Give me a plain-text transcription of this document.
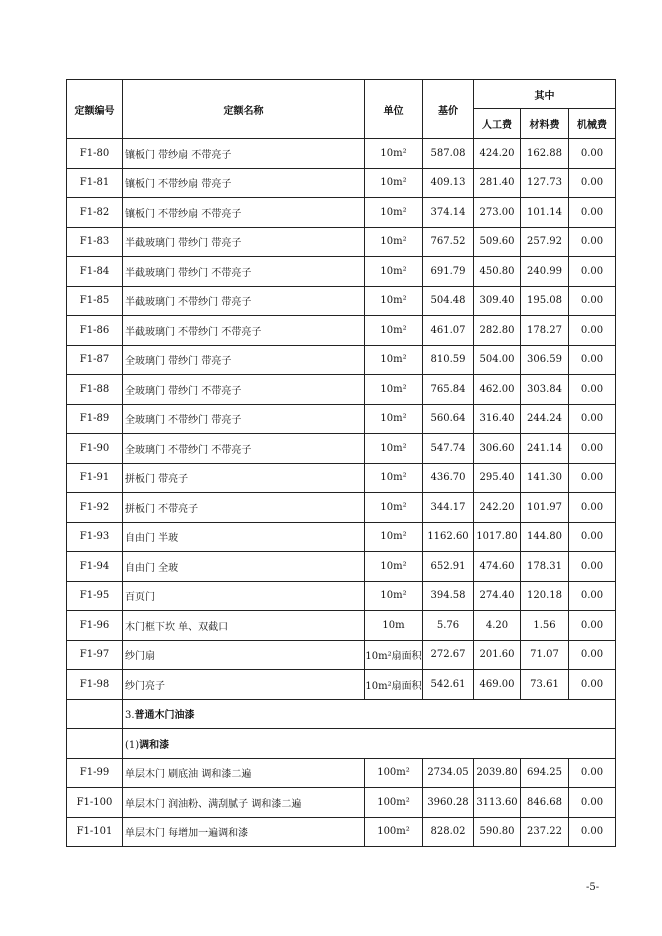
定额编号	定额名称	单位	基价	其中		
				人工费	材料费	机械费
F1-80	镶板门 带纱扇 不带亮子	10m²	587.08	424.20	162.88	0.00
F1-81	镶板门 不带纱扇 带亮子	10m²	409.13	281.40	127.73	0.00
F1-82	镶板门 不带纱扇 不带亮子	10m²	374.14	273.00	101.14	0.00
F1-83	半截玻璃门 带纱门 带亮子	10m²	767.52	509.60	257.92	0.00
F1-84	半截玻璃门 带纱门 不带亮子	10m²	691.79	450.80	240.99	0.00
F1-85	半截玻璃门 不带纱门 带亮子	10m²	504.48	309.40	195.08	0.00
F1-86	半截玻璃门 不带纱门 不带亮子	10m²	461.07	282.80	178.27	0.00
F1-87	全玻璃门 带纱门 带亮子	10m²	810.59	504.00	306.59	0.00
F1-88	全玻璃门 带纱门 不带亮子	10m²	765.84	462.00	303.84	0.00
F1-89	全玻璃门 不带纱门 带亮子	10m²	560.64	316.40	244.24	0.00
F1-90	全玻璃门 不带纱门 不带亮子	10m²	547.74	306.60	241.14	0.00
F1-91	拼板门 带亮子	10m²	436.70	295.40	141.30	0.00
F1-92	拼板门 不带亮子	10m²	344.17	242.20	101.97	0.00
F1-93	自由门 半玻	10m²	1162.60	1017.80	144.80	0.00
F1-94	自由门 全玻	10m²	652.91	474.60	178.31	0.00
F1-95	百页门	10m²	394.58	274.40	120.18	0.00
F1-96	木门框下坎 单、双截口	10m	5.76	4.20	1.56	0.00
F1-97	纱门扇	10m²扇面积	272.67	201.60	71.07	0.00
F1-98	纱门亮子	10m²扇面积	542.61	469.00	73.61	0.00
	3.普通木门油漆					
	(1)调和漆					
F1-99	单层木门 刷底油 调和漆二遍	100m²	2734.05	2039.80	694.25	0.00
F1-100	单层木门 润油粉、满刮腻子 调和漆二遍	100m²	3960.28	3113.60	846.68	0.00
F1-101	单层木门 每增加一遍调和漆	100m²	828.02	590.80	237.22	0.00
-5-
